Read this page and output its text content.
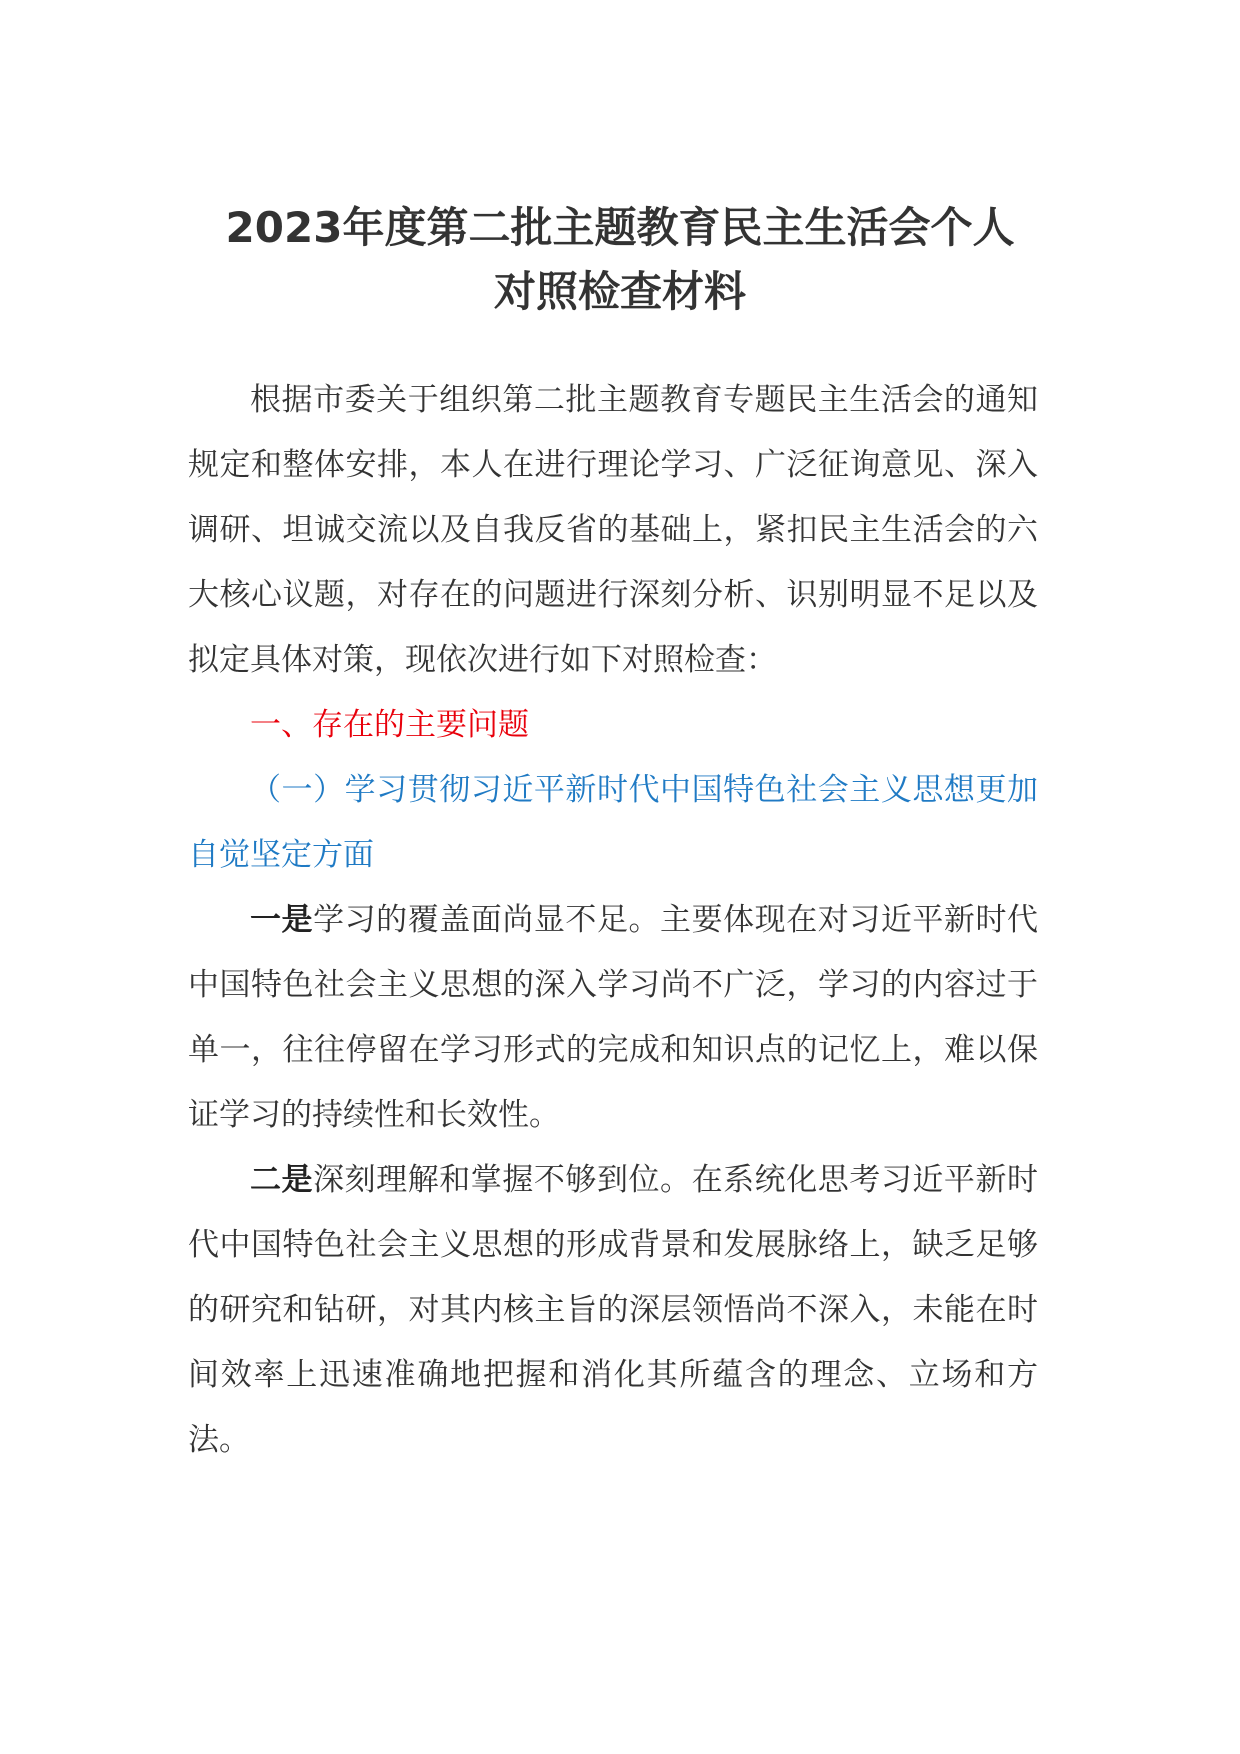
2023年度第二批主题教育民主生活会个人
对照检查材料

根据市委关于组织第二批主题教育专题民主生活会的通知规定和整体安排，本人在进行理论学习、广泛征询意见、深入调研、坦诚交流以及自我反省的基础上，紧扣民主生活会的六大核心议题，对存在的问题进行深刻分析、识别明显不足以及拟定具体对策，现依次进行如下对照检查：

一、存在的主要问题

（一）学习贯彻习近平新时代中国特色社会主义思想更加自觉坚定方面

一是学习的覆盖面尚显不足。主要体现在对习近平新时代中国特色社会主义思想的深入学习尚不广泛，学习的内容过于单一，往往停留在学习形式的完成和知识点的记忆上，难以保证学习的持续性和长效性。

二是深刻理解和掌握不够到位。在系统化思考习近平新时代中国特色社会主义思想的形成背景和发展脉络上，缺乏足够的研究和钻研，对其内核主旨的深层领悟尚不深入，未能在时间效率上迅速准确地把握和消化其所蕴含的理念、立场和方法。
